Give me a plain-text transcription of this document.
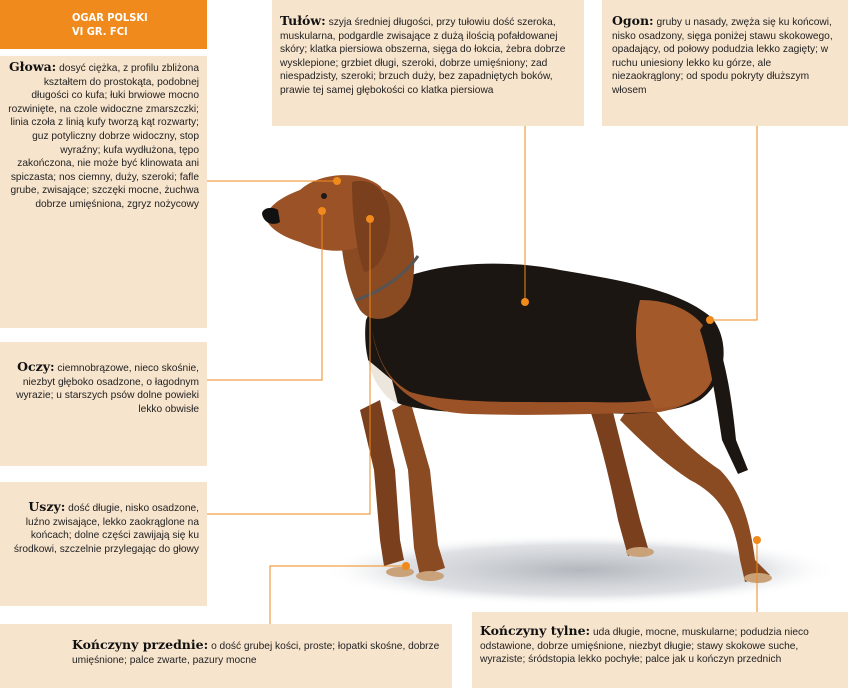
OGAR POLSKI
VI GR. FCI
Głowa: dosyć ciężka, z profilu zbliżona kształtem do prostokąta, podobnej długości co kufa; łuki brwiowe mocno rozwinięte, na czole widoczne zmarszczki; linia czoła z linią kufy tworzą kąt rozwarty; guz potyliczny dobrze widoczny, stop wyraźny; kufa wydłużona, tępo zakończona, nie może być klinowata ani spiczasta; nos ciemny, duży, szeroki; fafle grube, zwisające; szczęki mocne, żuchwa dobrze umięśniona, zgryz nożycowy
Oczy: ciemnobrązowe, nieco skośnie, niezbyt głęboko osadzone, o łagodnym wyrazie; u starszych psów dolne powieki lekko obwisłe
Uszy: dość długie, nisko osadzone, luźno zwisające, lekko zaokrąglone na końcach; dolne części zawijają się ku środkowi, szczelnie przylegając do głowy
Tułów: szyja średniej długości, przy tułowiu dość szeroka, muskularna, podgardle zwisające z dużą ilością pofałdowanej skóry; klatka piersiowa obszerna, sięga do łokcia, żebra dobrze wysklepione; grzbiet długi, szeroki, dobrze umięśniony; zad niespadzisty, szeroki; brzuch duży, bez zapadniętych boków, prawie tej samej głębokości co klatka piersiowa
Ogon: gruby u nasady, zwęża się ku końcowi, nisko osadzony, sięga poniżej stawu skokowego, opadający, od połowy podudzia lekko zagięty; w ruchu uniesiony lekko ku górze, ale niezaokrąglony; od spodu pokryty dłuższym włosem
Kończyny przednie: o dość grubej kości, proste; łopatki skośne, dobrze umięśnione; palce zwarte, pazury mocne
Kończyny tylne: uda długie, mocne, muskularne; podudzia nieco odstawione, dobrze umięśnione, niezbyt długie; stawy skokowe suche, wyraziste; śródstopia lekko pochyłe; palce jak u kończyn przednich
